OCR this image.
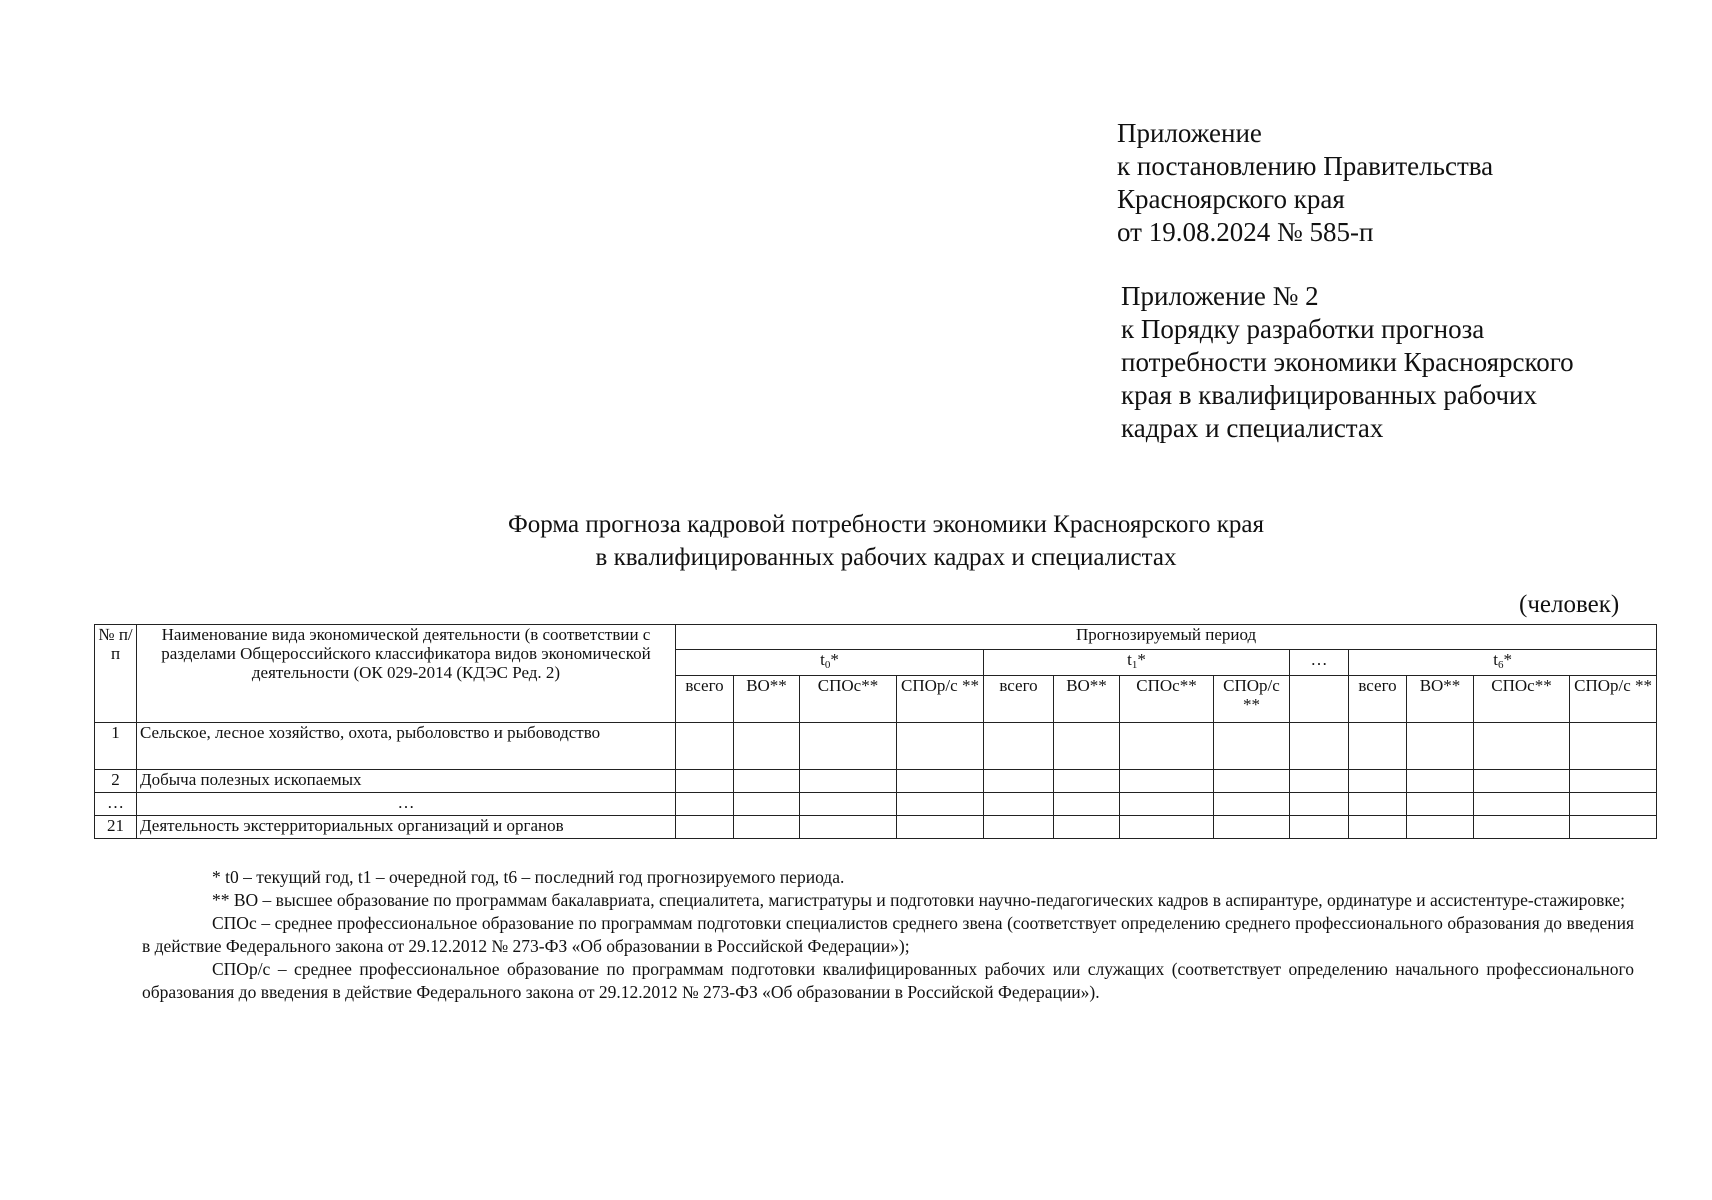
Приложение
к постановлению Правительства
Красноярского края
от 19.08.2024 № 585-п
Приложение № 2
к Порядку разработки прогноза
потребности экономики Красноярского
края в квалифицированных рабочих
кадрах и специалистах
Форма прогноза кадровой потребности экономики Красноярского края
в квалифицированных рабочих кадрах и специалистах
(человек)
№ п/п	Наименование вида экономической деятельности (в соответствии с разделами Общероссийского классификатора видов экономической деятельности (ОК 029-2014 (КДЭС Ред. 2)	Прогнозируемый период												
		$t_0*$				$t_1*$				…	$t_6*$			
		всего	ВО**	СПОс**	СПОр/с **	всего	ВО**	СПОс**	СПОр/с **		всего	ВО**	СПОс**	СПОр/с **
1	Сельское, лесное хозяйство, охота, рыболовство и рыбоводство													
2	Добыча полезных ископаемых													
…	…													
21	Деятельность экстерриториальных организаций и органов													

* t0 – текущий год, t1 – очередной год, t6 – последний год прогнозируемого периода.

** ВО – высшее образование по программам бакалавриата, специалитета, магистратуры и подготовки научно-педагогических кадров в аспирантуре, ординатуре и ассистентуре-стажировке;

СПОс – среднее профессиональное образование по программам подготовки специалистов среднего звена (соответствует определению среднего профессионального образования до введения в действие Федерального закона от 29.12.2012 № 273-ФЗ «Об образовании в Российской Федерации»);

СПОр/с – среднее профессиональное образование по программам подготовки квалифицированных рабочих или служащих (соответствует определению начального профессионального образования до введения в действие Федерального закона от 29.12.2012 № 273-ФЗ «Об образовании в Российской Федерации»).
